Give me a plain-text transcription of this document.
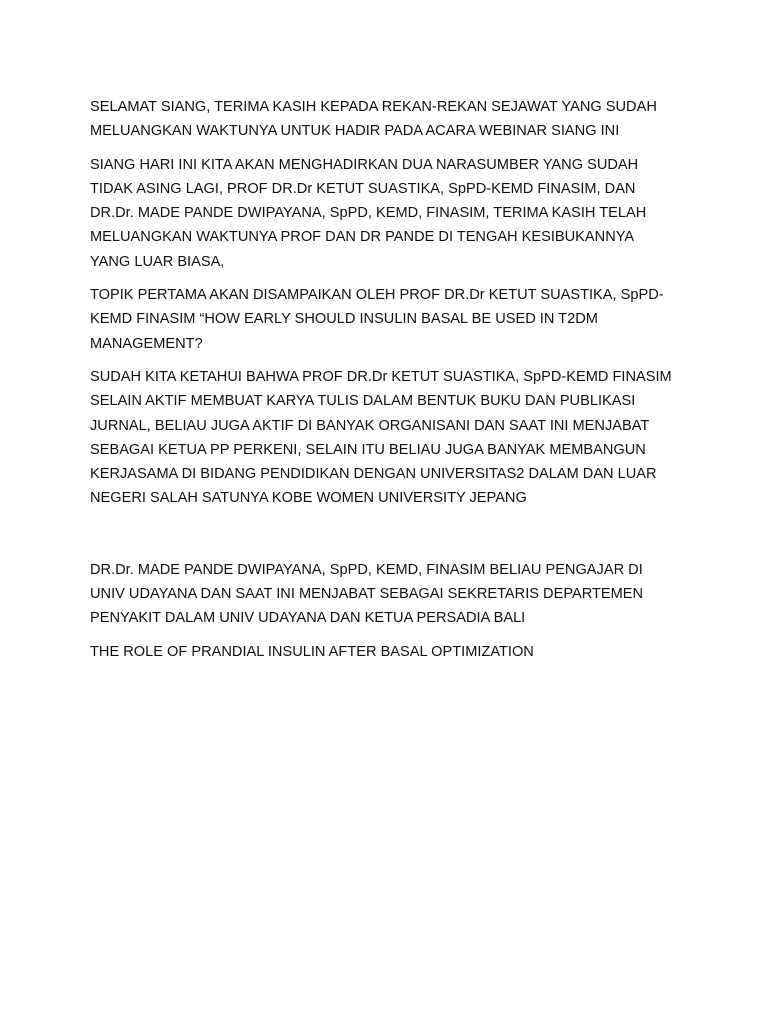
SELAMAT SIANG, TERIMA KASIH KEPADA REKAN-REKAN SEJAWAT YANG SUDAH
MELUANGKAN WAKTUNYA UNTUK HADIR PADA ACARA WEBINAR SIANG INI

SIANG HARI INI KITA AKAN MENGHADIRKAN DUA NARASUMBER YANG SUDAH
TIDAK ASING LAGI, PROF DR.Dr KETUT SUASTIKA, SpPD-KEMD FINASIM, DAN
DR.Dr. MADE PANDE DWIPAYANA, SpPD, KEMD, FINASIM, TERIMA KASIH TELAH
MELUANGKAN WAKTUNYA PROF DAN DR PANDE DI TENGAH KESIBUKANNYA
YANG LUAR BIASA,

TOPIK PERTAMA AKAN DISAMPAIKAN OLEH PROF DR.Dr KETUT SUASTIKA, SpPD-
KEMD FINASIM “HOW EARLY SHOULD INSULIN BASAL BE USED IN T2DM
MANAGEMENT?

SUDAH KITA KETAHUI BAHWA PROF DR.Dr KETUT SUASTIKA, SpPD-KEMD FINASIM
SELAIN AKTIF MEMBUAT KARYA TULIS DALAM BENTUK BUKU DAN PUBLIKASI
JURNAL, BELIAU JUGA AKTIF DI BANYAK ORGANISANI DAN SAAT INI MENJABAT
SEBAGAI KETUA PP PERKENI, SELAIN ITU BELIAU JUGA BANYAK MEMBANGUN
KERJASAMA DI BIDANG PENDIDIKAN DENGAN UNIVERSITAS2 DALAM DAN LUAR
NEGERI SALAH SATUNYA KOBE WOMEN UNIVERSITY JEPANG

DR.Dr. MADE PANDE DWIPAYANA, SpPD, KEMD, FINASIM BELIAU PENGAJAR DI
UNIV UDAYANA DAN SAAT INI MENJABAT SEBAGAI SEKRETARIS DEPARTEMEN
PENYAKIT DALAM UNIV UDAYANA DAN KETUA PERSADIA BALI

THE ROLE OF PRANDIAL INSULIN AFTER BASAL OPTIMIZATION
